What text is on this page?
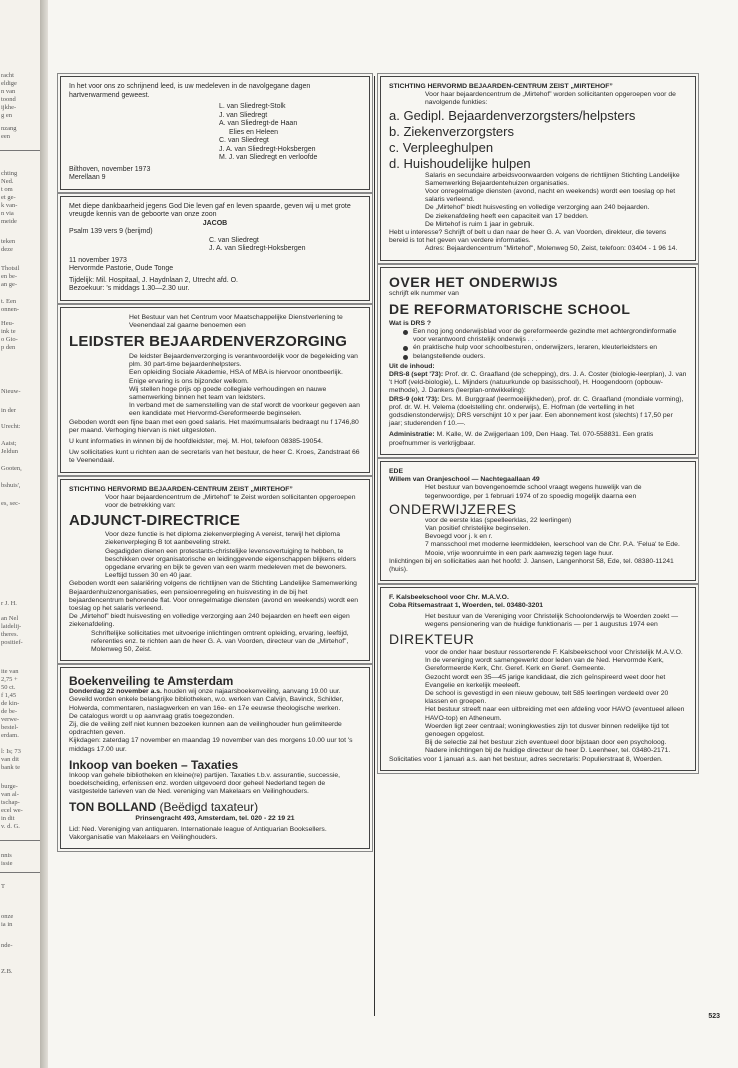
racht
eldige
n van
toond
ijkhe-
g en
nzang
een
chting
Ned.
t om
et ge-
k van-
n via
meide
teken
deze
Thotsil
en be-
an ge-
t. Een
onnen-
Heu-
ink te
o Gio-
p den
Nieuw-
in der
Urecht:
Aaist;
Jeldun
Gooten,
bshuis',
es, sec-
r J. H.
an Nel
laidelij-
theres.
positief-
ite van
2,75 +
50 ct.
f 1,45
de kin-
de be-
verwe-
bestel-
erdam.
l: Is; 73
van dit
bank te
burge-
van al-
tschap-
ecel we-
in dit
v. d. G.
nnis
issie
T
onze
ia in
nde-
Z.B.
In het voor ons zo schrijnend leed, is uw medeleven in de navolgegane dagen hartverwarmend geweest.
L. van Sliedregt-Stolk
J. van Sliedregt
A. van Sliedregt-de Haan
Elies en Heleen
C. van Sliedregt
J. A. van Sliedregt-Hoksbergen
M. J. van Sliedregt en verloofde
Bilthoven, november 1973
Merellaan 9
Met diepe dankbaarheid jegens God Die leven gaf en leven spaarde, geven wij u met grote vreugde kennis van de geboorte van onze zoon
JACOB
Psalm 139 vers 9 (berijmd)
C. van Sliedregt
J. A. van Sliedregt-Hoksbergen
11 november 1973
Hervormde Pastorie, Oude Tonge
Tijdelijk: Mil. Hospitaal, J. Haydnlaan 2, Utrecht afd. O.
Bezoekuur: 's middags 1.30—2.30 uur.
Het Bestuur van het Centrum voor Maatschappelijke Dienstverlening te Veenendaal zal gaarne benoemen een
LEIDSTER BEJAARDENVERZORGING
De leidster Bejaardenverzorging is verantwoordelijk voor de begeleiding van plm. 30 part-time bejaardenhelpsters.
Een opleiding Sociale Akademie, HSA of MBA is hiervoor onontbeerlijk. Enige ervaring is ons bijzonder welkom.
Wij stellen hoge prijs op goede collegiale verhoudingen en nauwe samenwerking binnen het team van leidsters.
In verband met de samenstelling van de staf wordt de voorkeur gegeven aan een kandidate met Hervormd-Gereformeerde beginselen.
Geboden wordt een fijne baan met een goed salaris. Het maximumsalaris bedraagt nu f 1746,80 per maand. Verhoging hiervan is niet uitgesloten.
U kunt informaties in winnen bij de hoofdleidster, mej. M. Hol, telefoon 08385-19054.
Uw sollicitaties kunt u richten aan de secretaris van het bestuur, de heer C. Kroes, Zandstraat 66 te Veenendaal.
STICHTING HERVORMD BEJAARDEN-CENTRUM ZEIST „MIRTEHOF”
Voor haar bejaardencentrum de „Mirtehof” te Zeist worden sollicitanten opgeroepen voor de betrekking van:
ADJUNCT-DIRECTRICE
Voor deze functie is het diploma ziekenverpleging A vereist, terwijl het diploma ziekenverpleging B tot aanbeveling strekt.
Gegadigden dienen een protestants-christelijke levensovertuiging te hebben, te beschikken over organisatorische en leidinggevende eigenschappen blijkens elders opgedane ervaring en bijk te geven van een warm medeleven met de bewoners.
Leeftijd tussen 30 en 40 jaar.
Geboden wordt een salariëring volgens de richtlijnen van de Stichting Landelijke Samenwerking Bejaardenhuizenorganisaties, een pensioenregeling en huisvesting in de bij het bejaardencentrum behorende flat. Voor onregelmatige diensten (avond en weekends) wordt een toeslag op het salaris verleend.
De „Mirtehof” biedt huisvesting en volledige verzorging aan 240 bejaarden en heeft een eigen ziekenafdeling.
Schriftelijke sollicitaties met uitvoerige inlichtingen omtrent opleiding, ervaring, leeftijd, referenties enz. te richten aan de heer G. A. van Voorden, directeur van de „Mirtehof”, Molenweg 50, Zeist.
Boekenveiling te Amsterdam
Donderdag 22 november a.s. houden wij onze najaarsboekenveiling, aanvang 19.00 uur.
Geveild worden enkele belangrijke bibliotheken, w.o. werken van Calvijn, Bavinck, Schilder, Holwerda, commentaren, naslagwerken en van 16e- en 17e eeuwse theologische werken.
De catalogus wordt u op aanvraag gratis toegezonden.
Zij, die de veiling zelf niet kunnen bezoeken kunnen aan de veilinghouder hun gelimiteerde opdrachten geven.
Kijkdagen: zaterdag 17 november en maandag 19 november van des morgens 10.00 uur tot 's middags 17.00 uur.
Inkoop van boeken – Taxaties
Inkoop van gehele bibliotheken en kleine(re) partijen. Taxaties t.b.v. assurantie, successie, boedelscheiding, erfenissen enz. worden uitgevoerd door geheel Nederland tegen de vastgestelde tarieven van de Ned. vereniging van Makelaars en Veilinghouders.
TON BOLLAND (Beëdigd taxateur)
Prinsengracht 493, Amsterdam, tel. 020 - 22 19 21
Lid: Ned. Vereniging van antiquaren. Internationale league of Antiquarian Booksellers. Vakorganisatie van Makelaars en Veilinghouders.
STICHTING HERVORMD BEJAARDEN-CENTRUM ZEIST „MIRTEHOF”
Voor haar bejaardencentrum de „Mirtehof” worden sollicitanten opgeroepen voor de navolgende funkties:
a. Gedipl. Bejaardenverzorgsters/helpsters
b. Ziekenverzorgsters
c. Verpleeghulpen
d. Huishoudelijke hulpen
Salaris en secundaire arbeidsvoorwaarden volgens de richtlijnen Stichting Landelijke Samenwerking Bejaardentehuizen organisaties.
Voor onregelmatige diensten (avond, nacht en weekends) wordt een toeslag op het salaris verleend.
De „Mirtehof” biedt huisvesting en volledige verzorging aan 240 bejaarden.
De ziekenafdeling heeft een capaciteit van 17 bedden.
De Mirtehof is ruim 1 jaar in gebruik.
Hebt u interesse? Schrijft of belt u dan naar de heer G. A. van Voorden, direkteur, die tevens bereid is tot het geven van verdere informaties.
Adres: Bejaardencentrum "Mirtehof", Molenweg 50, Zeist, telefoon: 03404 - 1 96 14.
OVER HET ONDERWIJS
schrijft elk nummer van
DE REFORMATORISCHE SCHOOL
Wat is DRS ?
Een nog jong onderwijsblad voor de gereformeerde gezindte met achtergrondinformatie voor verantwoord christelijk onderwijs . . .
én praktische hulp voor schoolbesturen, onderwijzers, leraren, kleuterleidsters en
belangstellende ouders.
Uit de inhoud:
DRS-8 (sept '73): Prof. dr. C. Graafland (de schepping), drs. J. A. Coster (biologie-leerplan), J. van 't Hoff (veld-biologie), L. Mijnders (natuurkunde op basisschool), H. Hoogendoorn (opbouw-methode), J. Dankers (leerplan-ontwikkeling):
DRS-9 (okt '73): Drs. M. Burggraaf (leermoeilijkheden), prof. dr. C. Graafland (mondiale vorming), prof. dr. W. H. Velema (doelstelling chr. onderwijs), E. Hofman (de vertelling in het godsdienstonderwijs); DRS verschijnt 10 x per jaar. Een abonnement kost (slechts) f 17,50 per jaar; studerenden f 10.—.
Administratie: M. Kalle, W. de Zwijgerlaan 109, Den Haag. Tel. 070-558831. Een gratis proefnummer is verkrijgbaar.
EDE
Willem van Oranjeschool — Nachtegaallaan 49
Het bestuur van bovengenoemde school vraagt wegens huwelijk van de tegenwoordige, per 1 februari 1974 of zo spoedig mogelijk daarna een
ONDERWIJZERES
voor de eerste klas (speelleerklas, 22 leerlingen)
Van positief christelijke beginselen.
Bevoegd voor j. k en r.
7 mansschool met moderne leermiddelen, leerschool van de Chr. P.A. 'Felua' te Ede.
Mooie, vrije woonruimte in een park aanwezig tegen lage huur.
Inlichtingen bij en sollicitaties aan het hoofd: J. Jansen, Langenhorst 58, Ede, tel. 08380-11241 (huis).
F. Kalsbeekschool voor Chr. M.A.V.O.
Coba Ritsemastraat 1, Woerden, tel. 03480-3201
Het bestuur van de Vereniging voor Christelijk Schoolonderwijs te Woerden zoekt — wegens pensionering van de huidige funktionaris — per 1 augustus 1974 een
DIREKTEUR
voor de onder haar bestuur ressorterende F. Kalsbeekschool voor Christelijk M.A.V.O.
In de vereniging wordt samengewerkt door leden van de Ned. Hervormde Kerk, Gereformeerde Kerk, Chr. Geref. Kerk en Geref. Gemeente.
Gezocht wordt een 35—45 jarige kandidaat, die zich geïnspireerd weet door het Evangelie en kerkelijk meeleeft.
De school is gevestigd in een nieuw gebouw, telt 585 leerlingen verdeeld over 20 klassen en groepen.
Het bestuur streeft naar een uitbreiding met een afdeling voor HAVO (eventueel alleen HAVO-top) en Atheneum.
Woerden ligt zeer centraal; woningkwesties zijn tot dusver binnen redelijke tijd tot genoegen opgelost.
Bij de selectie zal het bestuur zich eventueel door bijstaan door een psycholoog.
Nadere inlichtingen bij de huidige directeur de heer D. Leenheer, tel. 03480-2171.
Solicitaties voor 1 januari a.s. aan het bestuur, adres secretaris: Populierstraat 8, Woerden.
523
